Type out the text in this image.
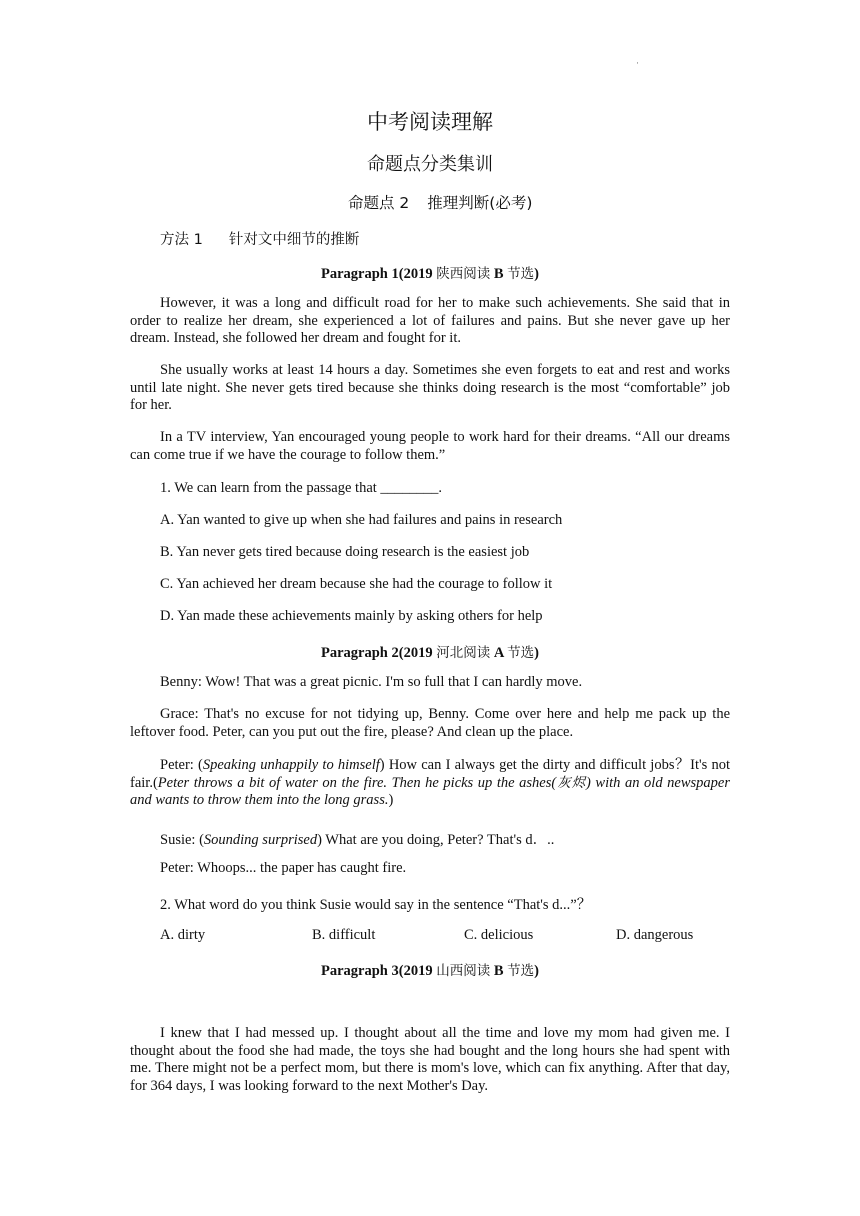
·
中考阅读理解
命题点分类集训
命题点 2 推理判断(必考)
方法 1 针对文中细节的推断
Paragraph 1(2019 陕西阅读 B 节选)

However, it was a long and difficult road for her to make such achievements. She said that in order to realize her dream, she experienced a lot of failures and pains. But she never gave up her dream. Instead, she followed her dream and fought for it.

She usually works at least 14 hours a day. Sometimes she even forgets to eat and rest and works until late night. She never gets tired because she thinks doing research is the most “comfortable” job for her.

In a TV interview, Yan encouraged young people to work hard for their dreams. “All our dreams can come true if we have the courage to follow them.”

1. We can learn from the passage that ________.
A. Yan wanted to give up when she had failures and pains in research
B. Yan never gets tired because doing research is the easiest job
C. Yan achieved her dream because she had the courage to follow it
D. Yan made these achievements mainly by asking others for help
Paragraph 2(2019 河北阅读 A 节选)
Benny: Wow! That was a great picnic. I'm so full that I can hardly move.

Grace: That's no excuse for not tidying up, Benny. Come over here and help me pack up the leftover food. Peter, can you put out the fire, please? And clean up the place.

Peter: (Speaking unhappily to himself) How can I always get the dirty and difficult jobs？It's not fair.(Peter throws a bit of water on the fire. Then he picks up the ashes(灰烬) with an old newspaper and wants to throw them into the long grass.)

Susie: (Sounding surprised) What are you doing, Peter? That's d．..
Peter: Whoops... the paper has caught fire.
2. What word do you think Susie would say in the sentence “That's d...”？
A. dirty	B. difficult	C. delicious	D. dangerous
Paragraph 3(2019 山西阅读 B 节选)

I knew that I had messed up. I thought about all the time and love my mom had given me. I thought about the food she had made, the toys she had bought and the long hours she had spent with me. There might not be a perfect mom, but there is mom's love, which can fix anything. After that day, for 364 days, I was looking forward to the next Mother's Day.
